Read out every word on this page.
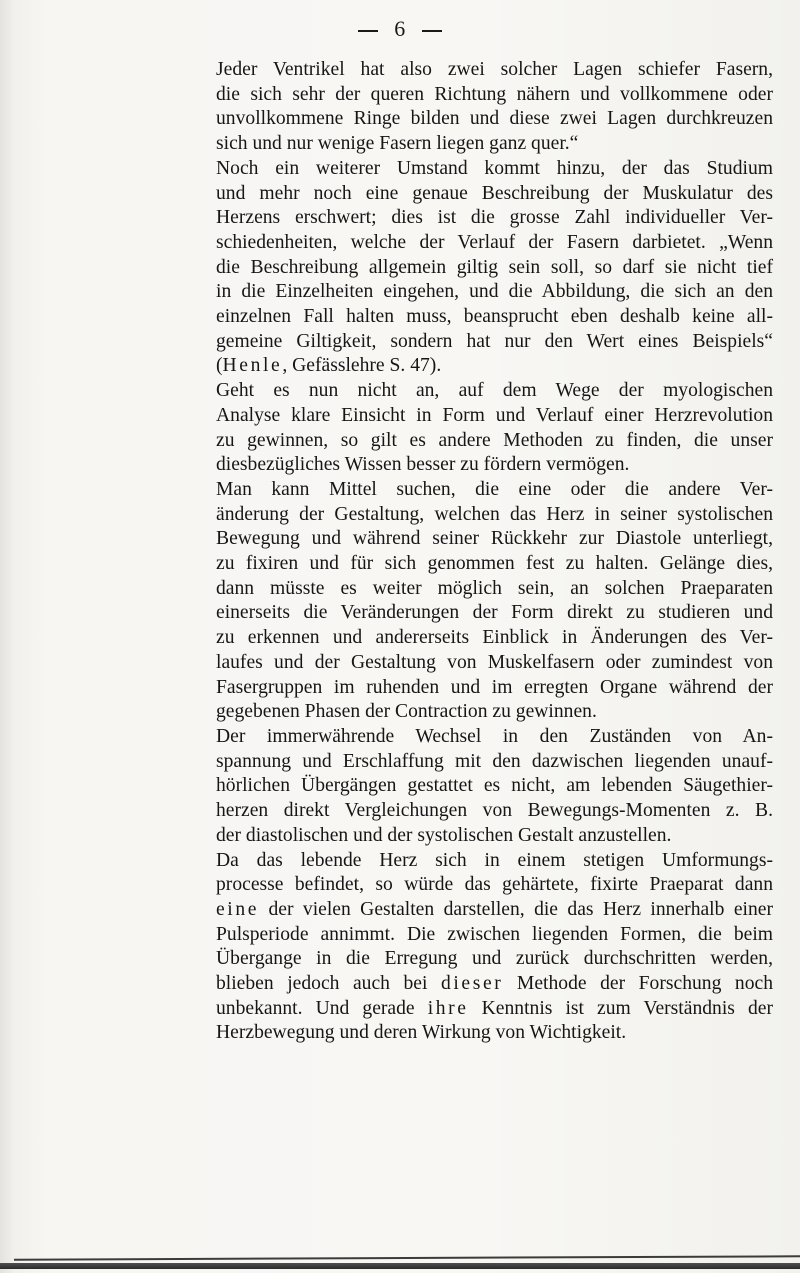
6

Jeder Ventrikel hat also zwei solcher Lagen schiefer Fasern,
die sich sehr der queren Richtung nähern und vollkommene oder
unvollkommene Ringe bilden und diese zwei Lagen durchkreuzen
sich und nur wenige Fasern liegen ganz quer.“

Noch ein weiterer Umstand kommt hinzu, der das Studium
und mehr noch eine genaue Beschreibung der Muskulatur des
Herzens erschwert; dies ist die grosse Zahl individueller Ver-
schiedenheiten, welche der Verlauf der Fasern darbietet. „Wenn
die Beschreibung allgemein giltig sein soll, so darf sie nicht tief
in die Einzelheiten eingehen, und die Abbildung, die sich an den
einzelnen Fall halten muss, beansprucht eben deshalb keine all-
gemeine Giltigkeit, sondern hat nur den Wert eines Beispiels“
(Henle, Gefässlehre S. 47).

Geht es nun nicht an, auf dem Wege der myologischen
Analyse klare Einsicht in Form und Verlauf einer Herzrevolution
zu gewinnen, so gilt es andere Methoden zu finden, die unser
diesbezügliches Wissen besser zu fördern vermögen.

Man kann Mittel suchen, die eine oder die andere Ver-
änderung der Gestaltung, welchen das Herz in seiner systolischen
Bewegung und während seiner Rückkehr zur Diastole unterliegt,
zu fixiren und für sich genommen fest zu halten. Gelänge dies,
dann müsste es weiter möglich sein, an solchen Praeparaten
einerseits die Veränderungen der Form direkt zu studieren und
zu erkennen und andererseits Einblick in Änderungen des Ver-
laufes und der Gestaltung von Muskelfasern oder zumindest von
Fasergruppen im ruhenden und im erregten Organe während der
gegebenen Phasen der Contraction zu gewinnen.

Der immerwährende Wechsel in den Zuständen von An-
spannung und Erschlaffung mit den dazwischen liegenden unauf-
hörlichen Übergängen gestattet es nicht, am lebenden Säugethier-
herzen direkt Vergleichungen von Bewegungs-Momenten z. B.
der diastolischen und der systolischen Gestalt anzustellen.

Da das lebende Herz sich in einem stetigen Umformungs-
processe befindet, so würde das gehärtete, fixirte Praeparat dann
eine der vielen Gestalten darstellen, die das Herz innerhalb einer
Pulsperiode annimmt. Die zwischen liegenden Formen, die beim
Übergange in die Erregung und zurück durchschritten werden,
blieben jedoch auch bei dieser Methode der Forschung noch
unbekannt. Und gerade ihre Kenntnis ist zum Verständnis der
Herzbewegung und deren Wirkung von Wichtigkeit.
